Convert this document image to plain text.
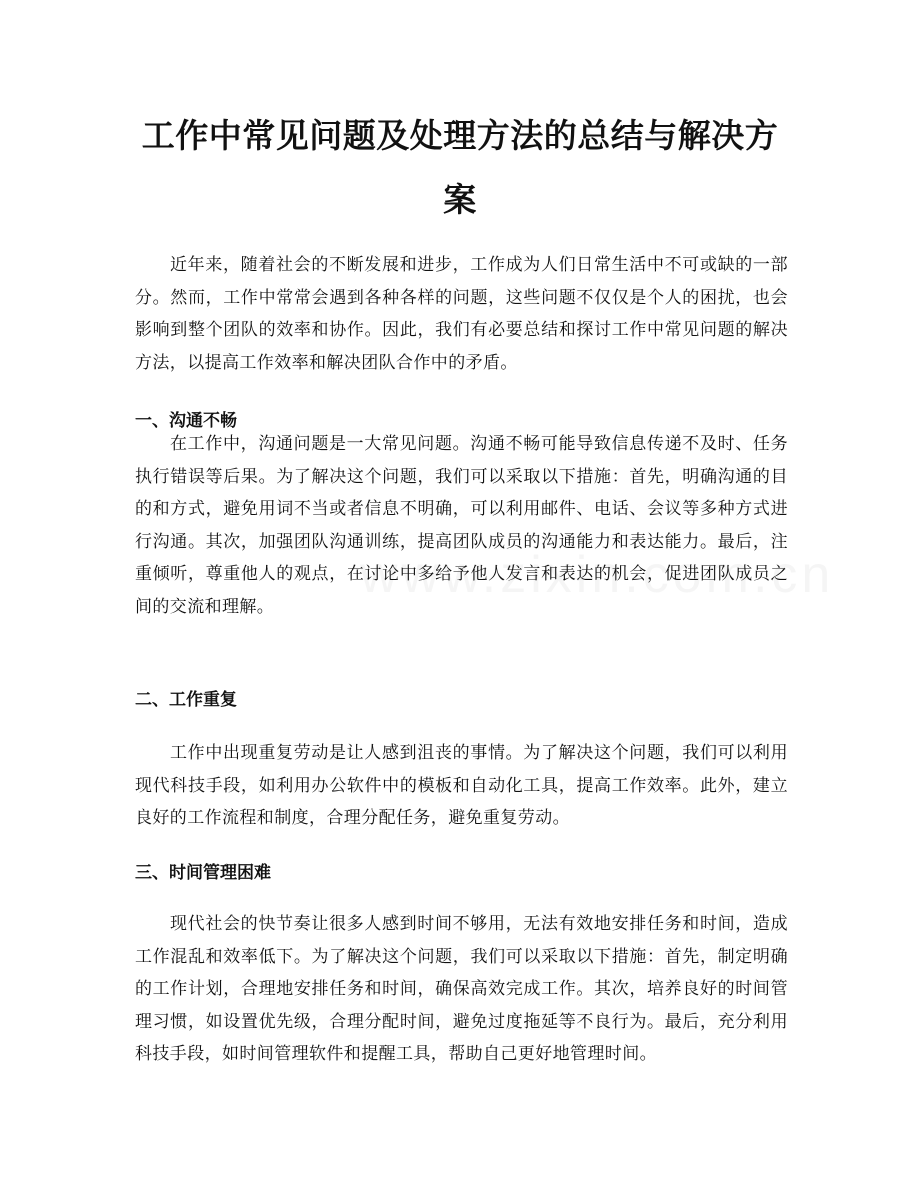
工作中常见问题及处理方法的总结与解决方案

近年来，随着社会的不断发展和进步，工作成为人们日常生活中不可或缺的一部分。然而，工作中常常会遇到各种各样的问题，这些问题不仅仅是个人的困扰，也会影响到整个团队的效率和协作。因此，我们有必要总结和探讨工作中常见问题的解决方法，以提高工作效率和解决团队合作中的矛盾。

一、沟通不畅

在工作中，沟通问题是一大常见问题。沟通不畅可能导致信息传递不及时、任务执行错误等后果。为了解决这个问题，我们可以采取以下措施：首先，明确沟通的目的和方式，避免用词不当或者信息不明确，可以利用邮件、电话、会议等多种方式进行沟通。其次，加强团队沟通训练，提高团队成员的沟通能力和表达能力。最后，注重倾听，尊重他人的观点，在讨论中多给予他人发言和表达的机会，促进团队成员之间的交流和理解。

二、工作重复

工作中出现重复劳动是让人感到沮丧的事情。为了解决这个问题，我们可以利用现代科技手段，如利用办公软件中的模板和自动化工具，提高工作效率。此外，建立良好的工作流程和制度，合理分配任务，避免重复劳动。

三、时间管理困难

现代社会的快节奏让很多人感到时间不够用，无法有效地安排任务和时间，造成工作混乱和效率低下。为了解决这个问题，我们可以采取以下措施：首先，制定明确的工作计划，合理地安排任务和时间，确保高效完成工作。其次，培养良好的时间管理习惯，如设置优先级，合理分配时间，避免过度拖延等不良行为。最后，充分利用科技手段，如时间管理软件和提醒工具，帮助自己更好地管理时间。
